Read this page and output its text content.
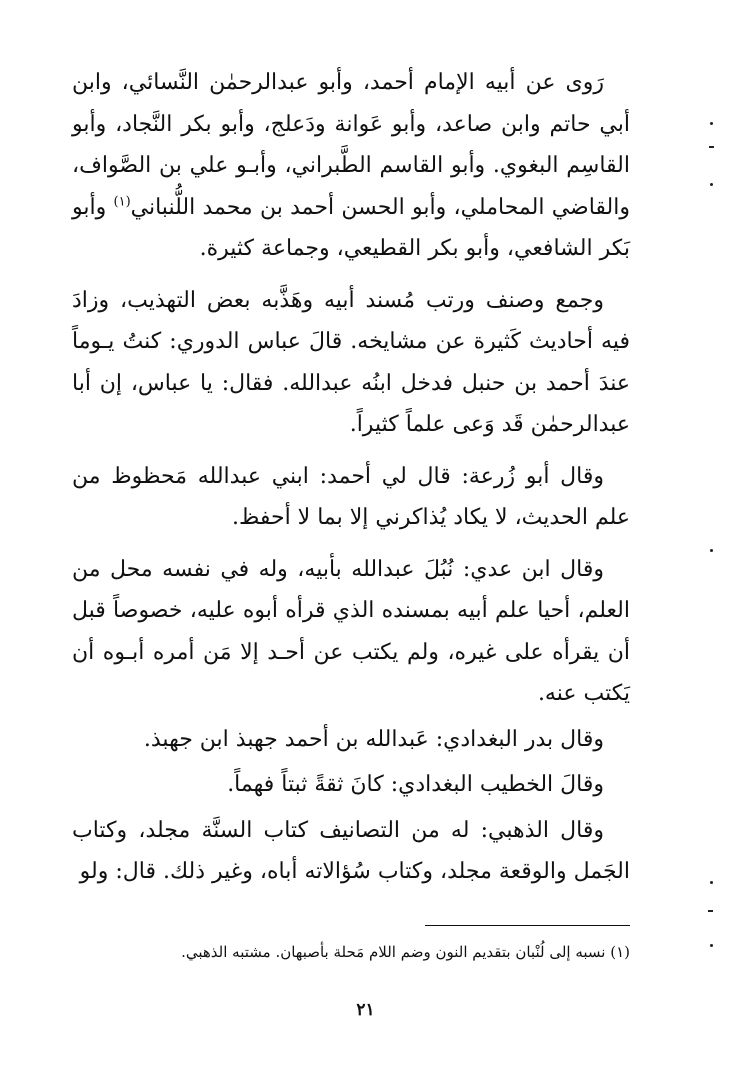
رَوى عن أبيه الإمام أحمد، وأبو عبدالرحمٰن النَّسائي، وابن أبي حاتم وابن صاعد، وأبو عَوانة ودَعلج، وأبو بكر النَّجاد، وأبو القاسِم البغوي. وأبو القاسم الطَّبراني، وأبـو علي بن الصَّواف، والقاضي المحاملي، وأبو الحسن أحمد بن محمد اللُّنباني$^{(١)}$ وأبو بَكر الشافعي، وأبو بكر القطيعي، وجماعة كثيرة.

وجمع وصنف ورتب مُسند أبيه وهَذَّبه بعض التهذيب، وزادَ فيه أحاديث كَثيرة عن مشايخه. قالَ عباس الدوري: كنتُ يـوماً عندَ أحمد بن حنبل فدخل ابنُه عبدالله. فقال: يا عباس، إن أبا عبدالرحمٰن قَد وَعى علماً كثيراً.

وقال أبو زُرعة: قال لي أحمد: ابني عبدالله مَحظوظ من علم الحديث، لا يكاد يُذاكرني إلا بما لا أحفظ.

وقال ابن عدي: نُبُلَ عبدالله بأبيه، وله في نفسه محل من العلم، أحيا علم أبيه بمسنده الذي قرأه أبوه عليه، خصوصاً قبل أن يقرأه على غيره، ولم يكتب عن أحـد إلا مَن أمره أبـوه أن يَكتب عنه.

وقال بدر البغدادي: عَبدالله بن أحمد جهبذ ابن جهبذ.

وقالَ الخطيب البغدادي: كانَ ثقةً ثبتاً فهماً.

وقال الذهبي: له من التصانيف كتاب السنَّة مجلد، وكتاب الجَمل والوقعة مجلد، وكتاب سُؤالاته أباه، وغير ذلك. قال: ولو

(١) نسبه إلى لُنْبان بتقديم النون وضم اللام مَحلة بأصبهان. مشتبه الذهبي.
٢١
